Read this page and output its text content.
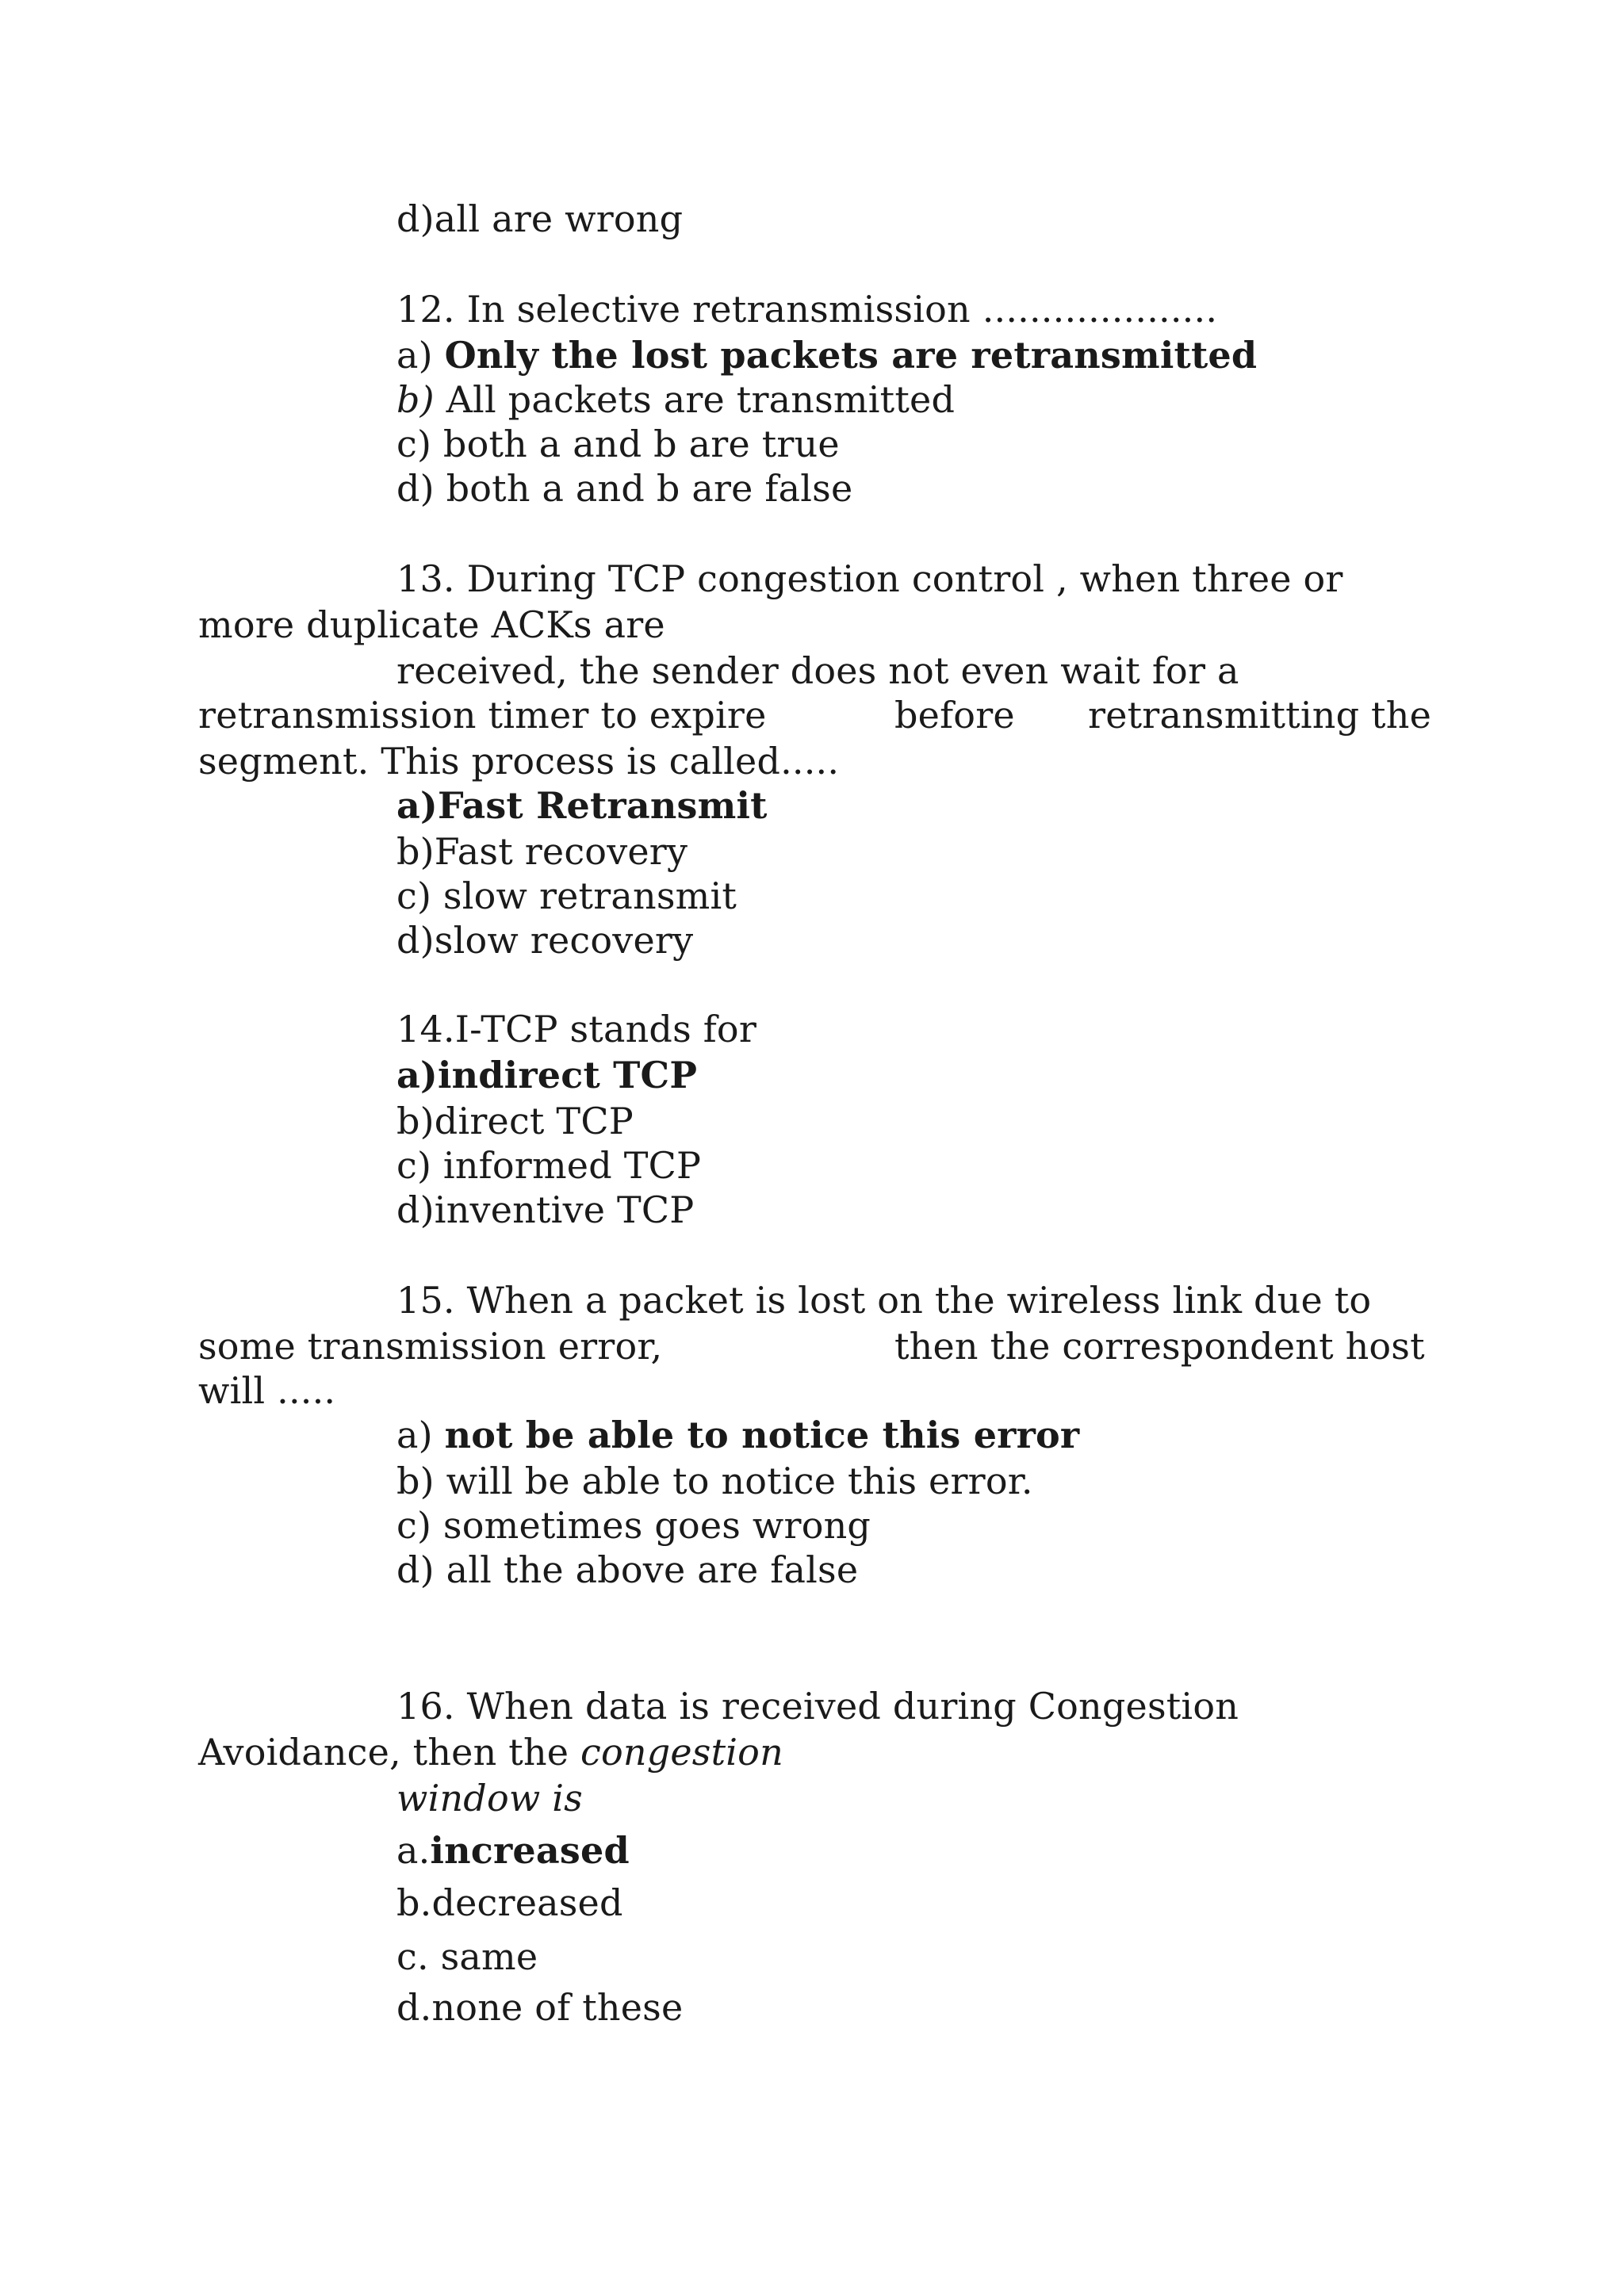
d)all are wrong
12. In selective retransmission ....................
a) Only the lost packets are retransmitted
b) All packets are transmitted
c) both a and b are true
d) both a and b are false
13. During TCP congestion control , when three or
more duplicate ACKs are
received, the sender does not even wait for a
retransmission timer to expire	before retransmitting the
segment. This process is called.....
a)Fast Retransmit
b)Fast recovery
c) slow retransmit
d)slow recovery
14.I-TCP stands for
a)indirect TCP
b)direct TCP
c) informed TCP
d)inventive TCP
15. When a packet is lost on the wireless link due to
some transmission error,	then the correspondent host
will .....
a) not be able to notice this error
b) will be able to notice this error.
c) sometimes goes wrong
d) all the above are false
16. When data is received during Congestion
Avoidance, then the congestion
window is
a.increased
b.decreased
c. same
d.none of these
